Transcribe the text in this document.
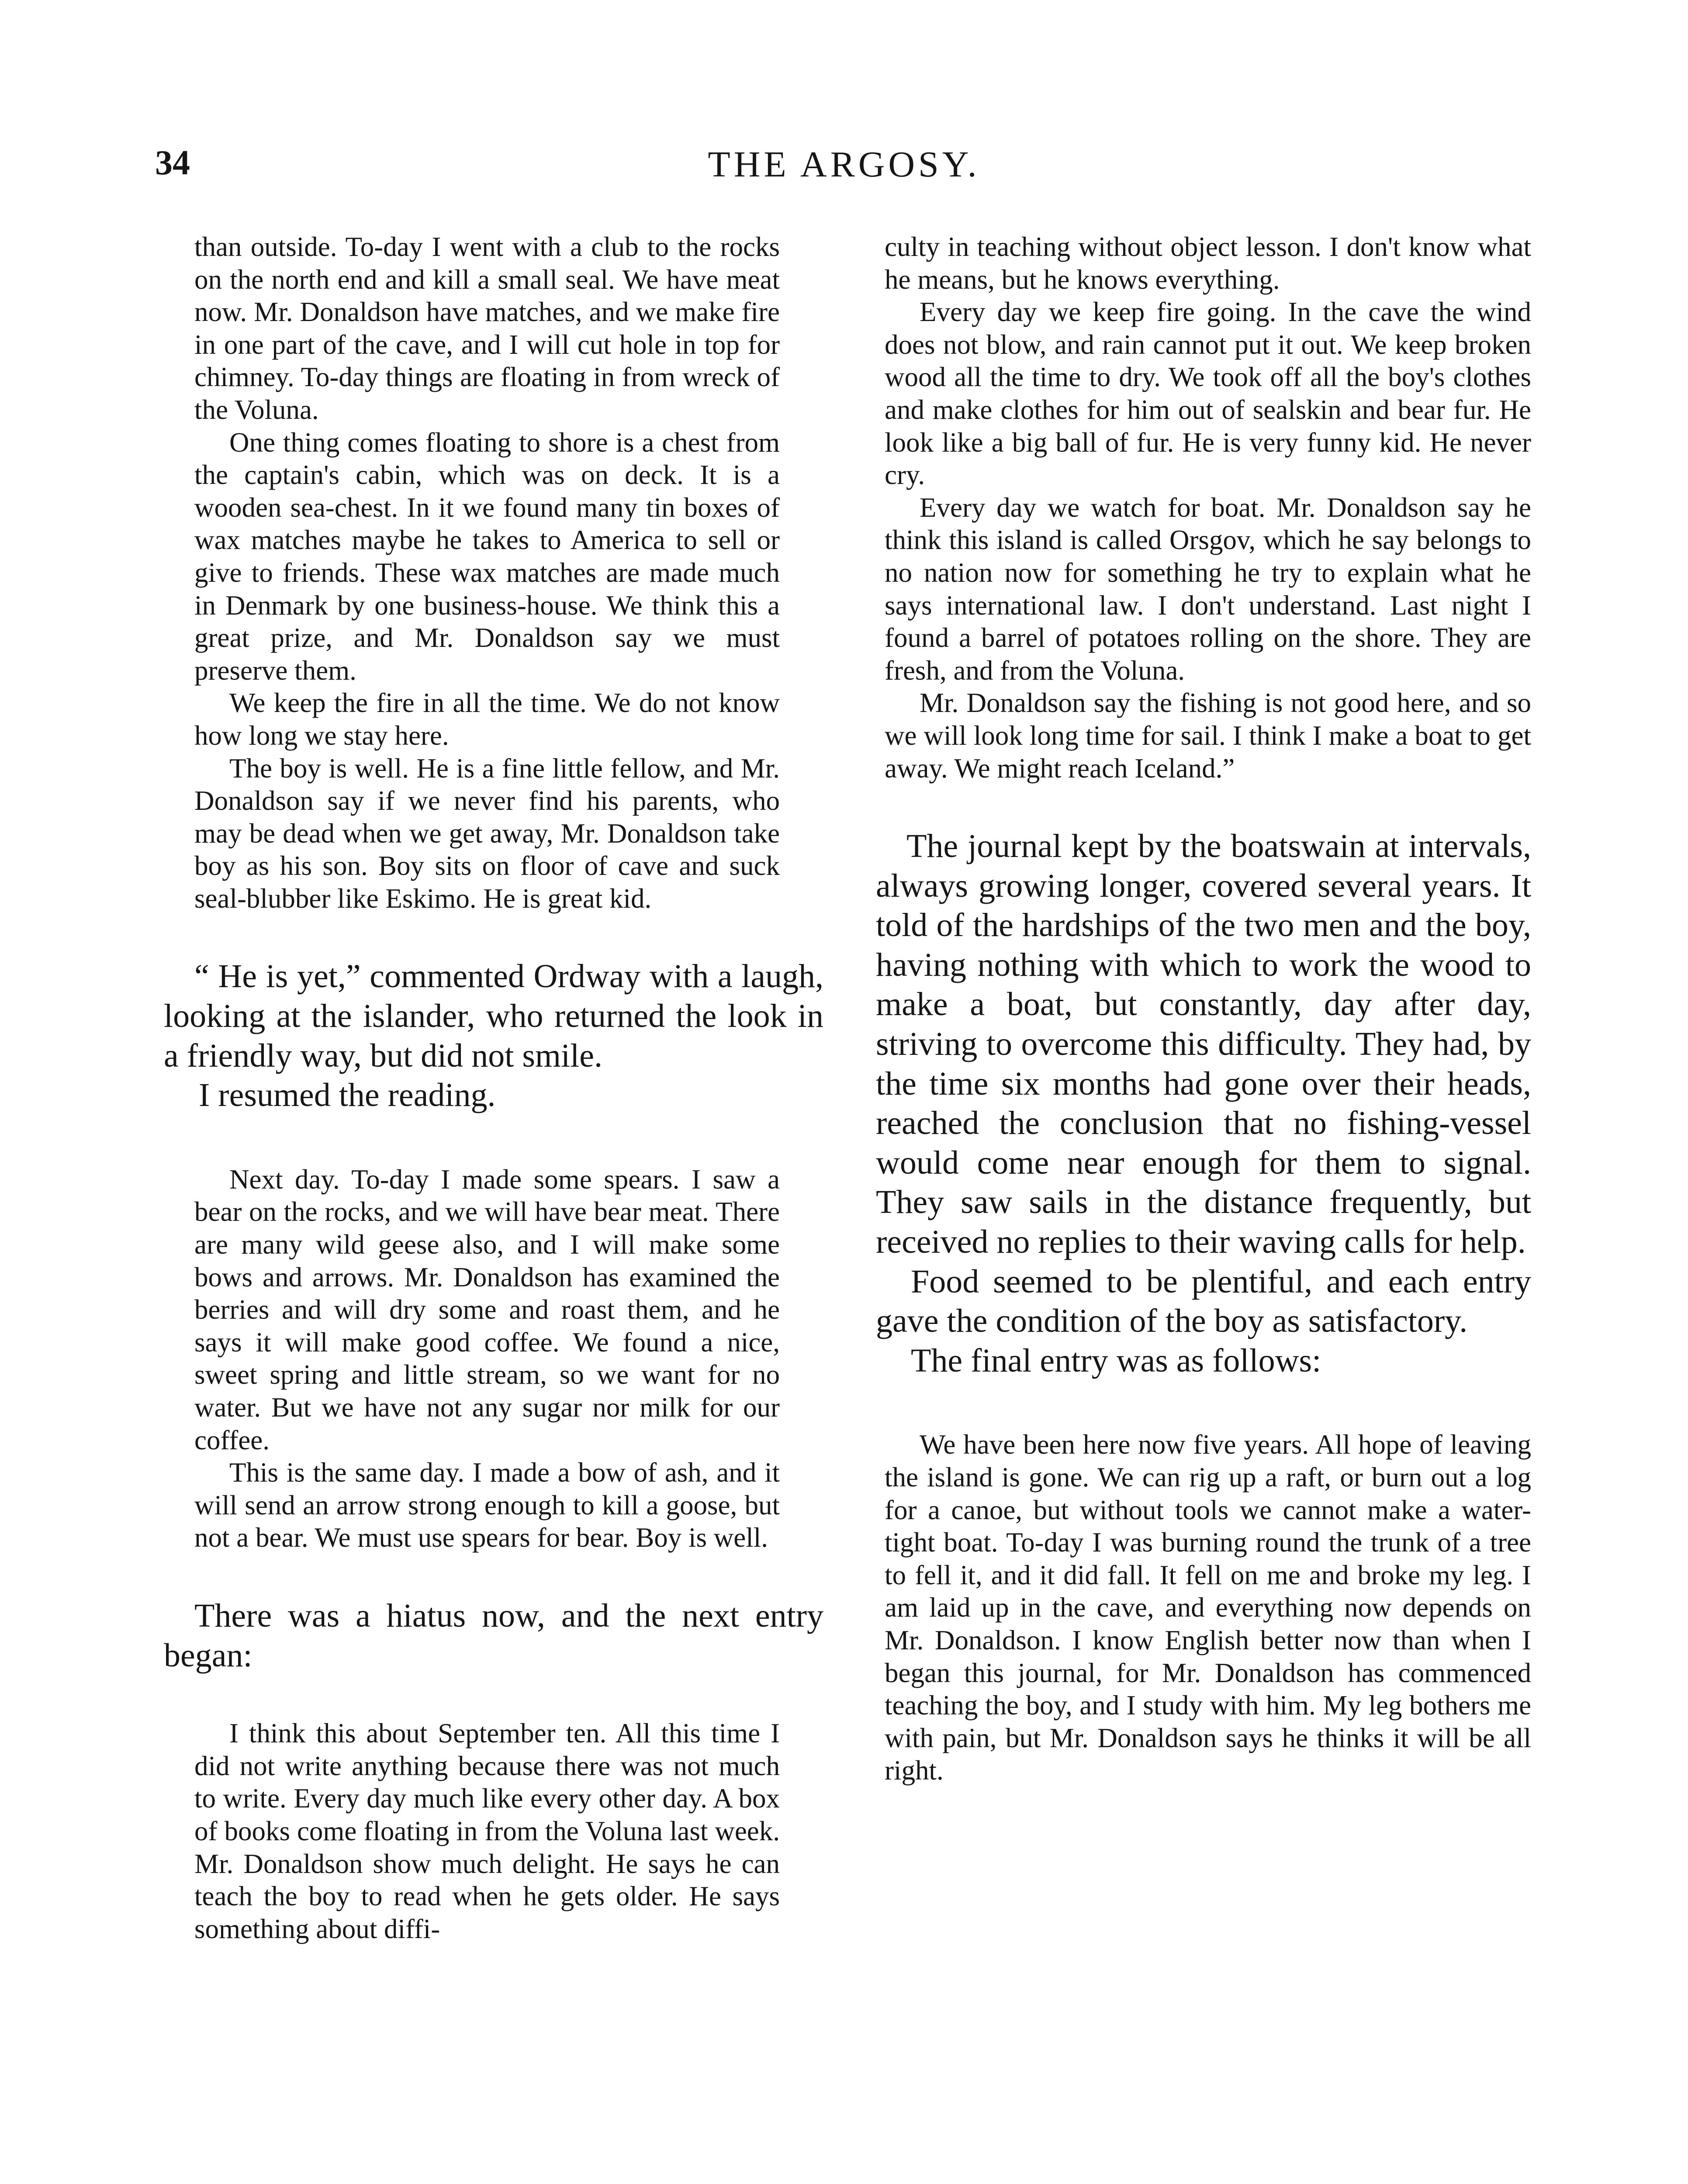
34	THE ARGOSY.

than outside. To-day I went with a club to the rocks on the north end and kill a small seal. We have meat now. Mr. Donaldson have matches, and we make fire in one part of the cave, and I will cut hole in top for chimney. To-day things are floating in from wreck of the Voluna.

One thing comes floating to shore is a chest from the captain's cabin, which was on deck. It is a wooden sea-chest. In it we found many tin boxes of wax matches maybe he takes to America to sell or give to friends. These wax matches are made much in Denmark by one business-house. We think this a great prize, and Mr. Donaldson say we must preserve them.

We keep the fire in all the time. We do not know how long we stay here.

The boy is well. He is a fine little fellow, and Mr. Donaldson say if we never find his parents, who may be dead when we get away, Mr. Donaldson take boy as his son. Boy sits on floor of cave and suck seal-blubber like Eskimo. He is great kid.

“ He is yet,” commented Ordway with a laugh, looking at the islander, who returned the look in a friendly way, but did not smile.

I resumed the reading.

Next day. To-day I made some spears. I saw a bear on the rocks, and we will have bear meat. There are many wild geese also, and I will make some bows and arrows. Mr. Donaldson has examined the berries and will dry some and roast them, and he says it will make good coffee. We found a nice, sweet spring and little stream, so we want for no water. But we have not any sugar nor milk for our coffee.

This is the same day. I made a bow of ash, and it will send an arrow strong enough to kill a goose, but not a bear. We must use spears for bear. Boy is well.

There was a hiatus now, and the next entry began:

I think this about September ten. All this time I did not write anything because there was not much to write. Every day much like every other day. A box of books come floating in from the Voluna last week. Mr. Donaldson show much delight. He says he can teach the boy to read when he gets older. He says something about diffi-

culty in teaching without object lesson. I don't know what he means, but he knows everything.

Every day we keep fire going. In the cave the wind does not blow, and rain cannot put it out. We keep broken wood all the time to dry. We took off all the boy's clothes and make clothes for him out of sealskin and bear fur. He look like a big ball of fur. He is very funny kid. He never cry.

Every day we watch for boat. Mr. Donaldson say he think this island is called Orsgov, which he say belongs to no nation now for something he try to explain what he says international law. I don't understand. Last night I found a barrel of potatoes rolling on the shore. They are fresh, and from the Voluna.

Mr. Donaldson say the fishing is not good here, and so we will look long time for sail. I think I make a boat to get away. We might reach Iceland.”

The journal kept by the boatswain at intervals, always growing longer, covered several years. It told of the hardships of the two men and the boy, having nothing with which to work the wood to make a boat, but constantly, day after day, striving to overcome this difficulty. They had, by the time six months had gone over their heads, reached the conclusion that no fishing-vessel would come near enough for them to signal. They saw sails in the distance frequently, but received no replies to their waving calls for help.

Food seemed to be plentiful, and each entry gave the condition of the boy as satisfactory.

The final entry was as follows:

We have been here now five years. All hope of leaving the island is gone. We can rig up a raft, or burn out a log for a canoe, but without tools we cannot make a water-tight boat. To-day I was burning round the trunk of a tree to fell it, and it did fall. It fell on me and broke my leg. I am laid up in the cave, and everything now depends on Mr. Donaldson. I know English better now than when I began this journal, for Mr. Donaldson has commenced teaching the boy, and I study with him. My leg bothers me with pain, but Mr. Donaldson says he thinks it will be all right.
